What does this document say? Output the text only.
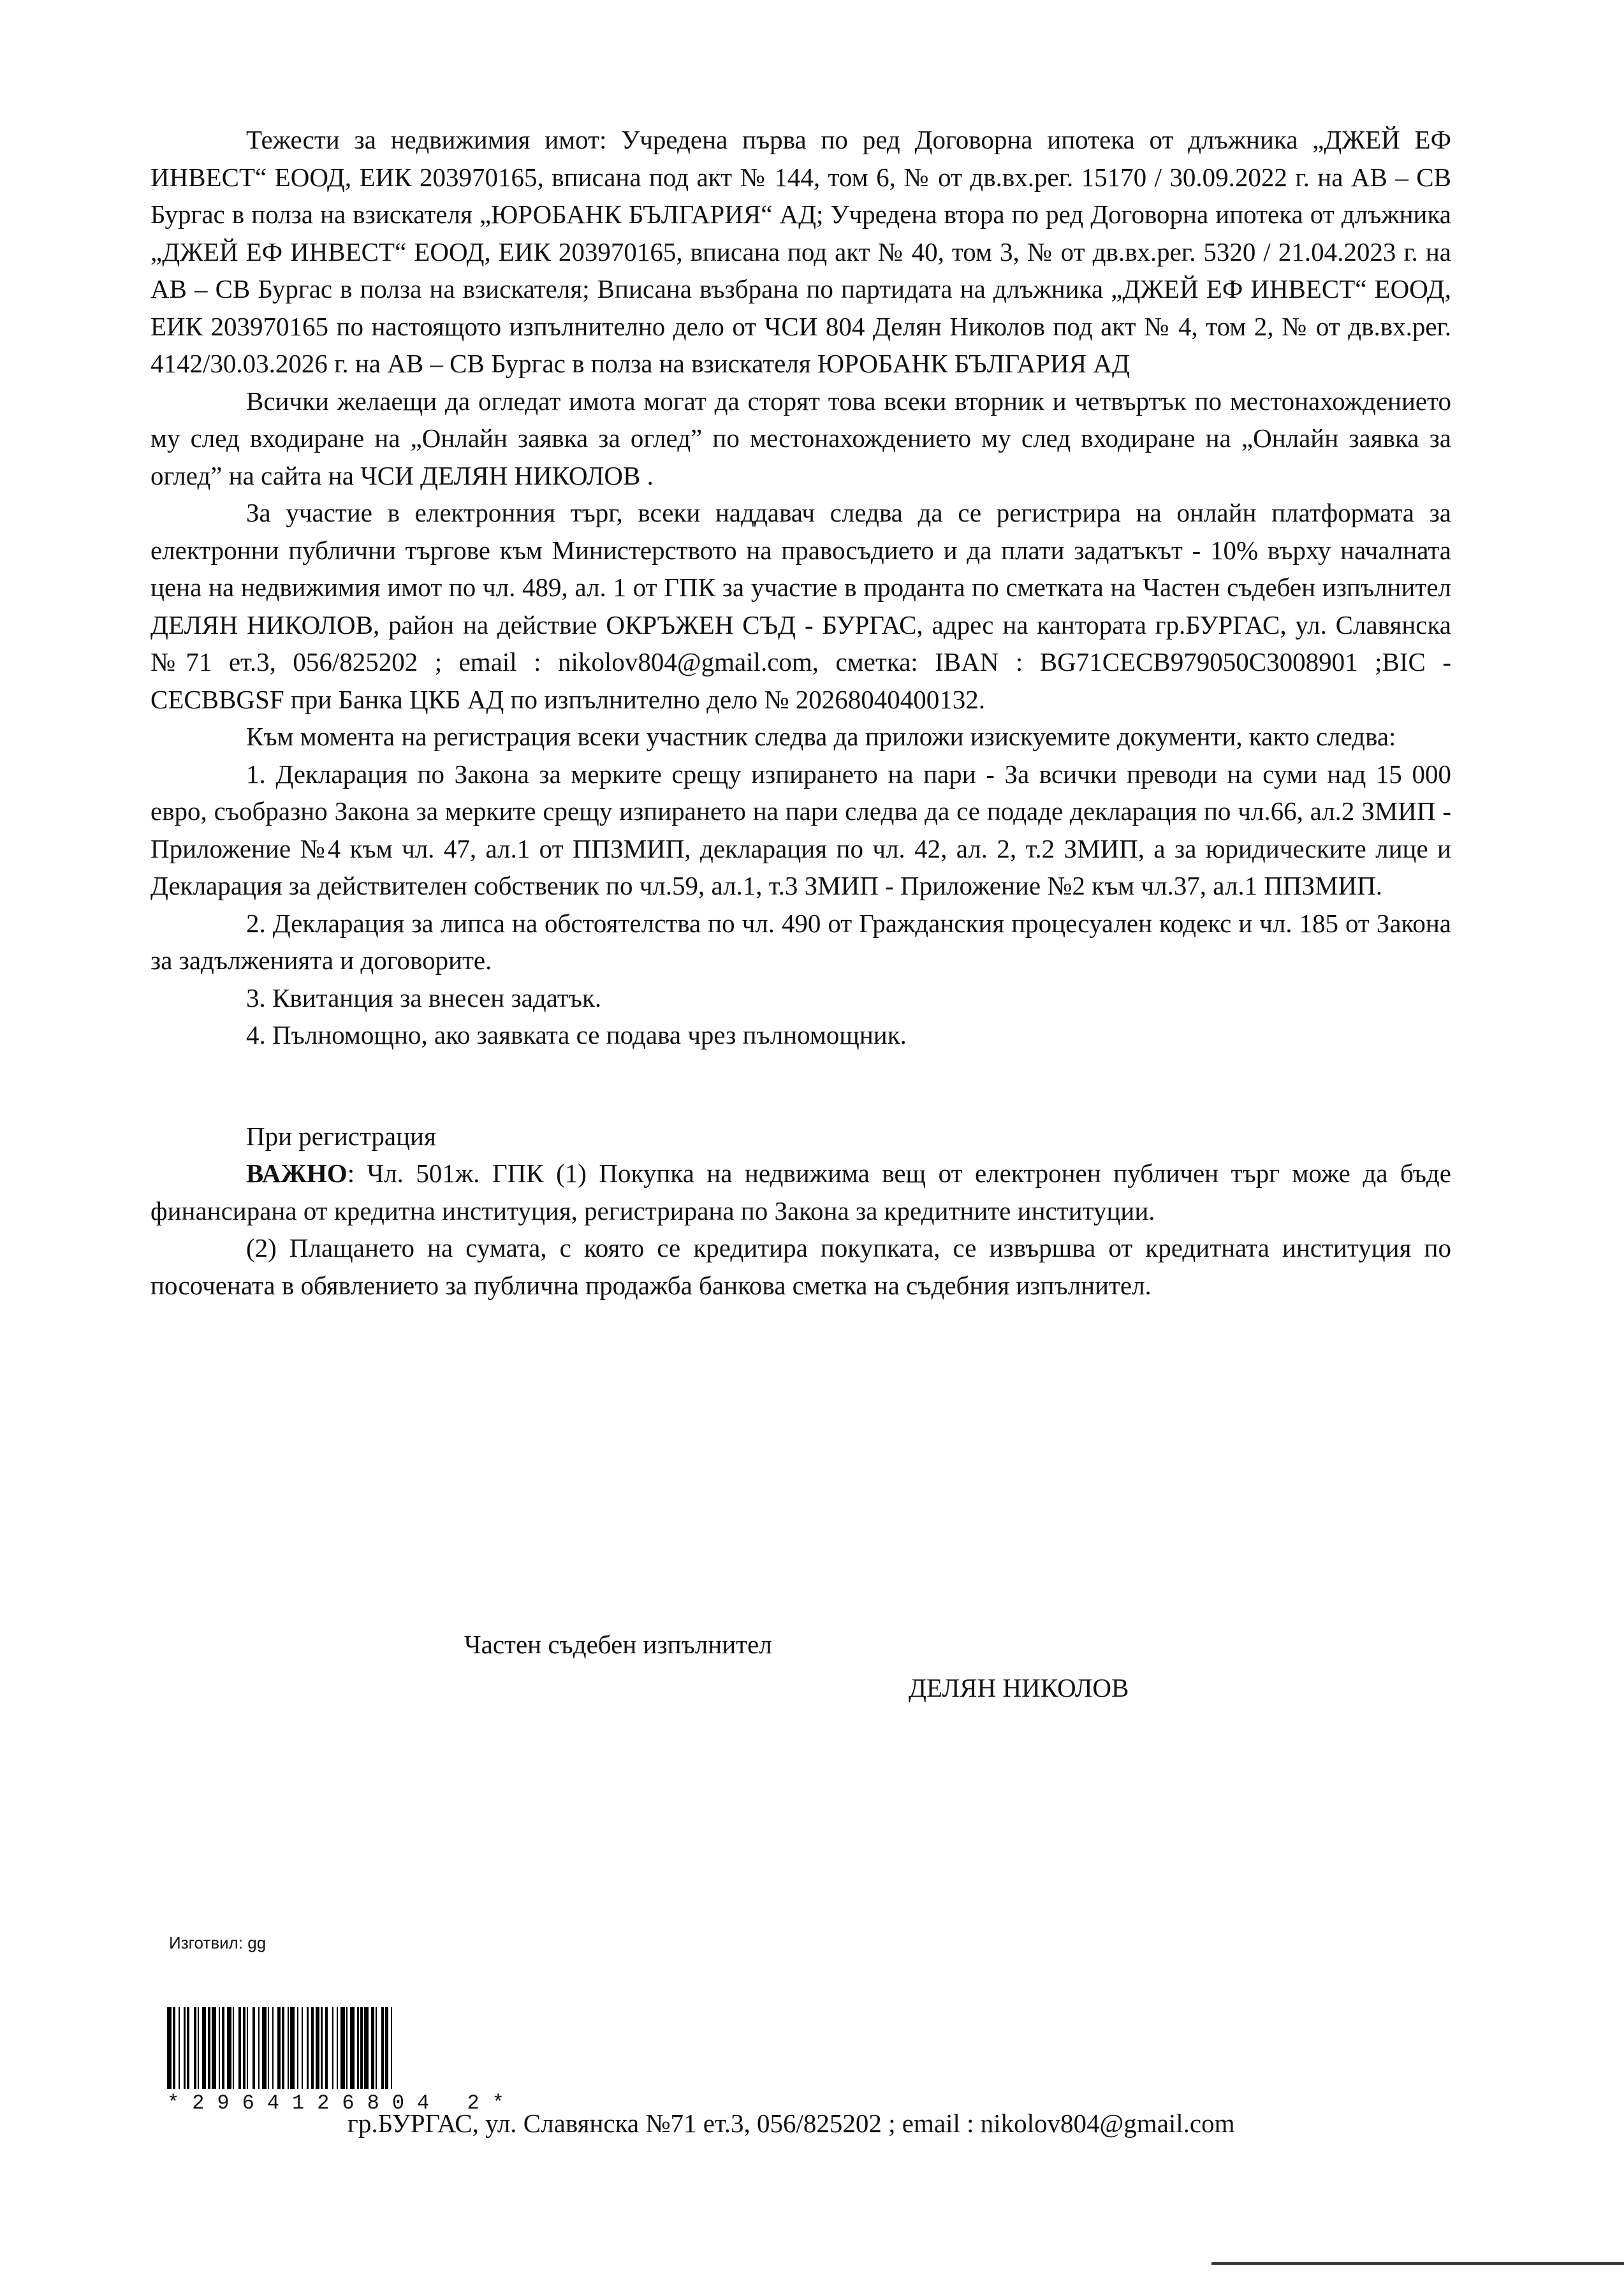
Тежести за недвижимия имот: Учредена първа по ред Договорна ипотека от длъжника „ДЖЕЙ ЕФ ИНВЕСТ“ ЕООД, ЕИК 203970165, вписана под акт № 144, том 6, № от дв.вх.рег. 15170 / 30.09.2022 г. на АВ – СВ Бургас в полза на взискателя „ЮРОБАНК БЪЛГАРИЯ“ АД; Учредена втора по ред Договорна ипотека от длъжника „ДЖЕЙ ЕФ ИНВЕСТ“ ЕООД, ЕИК 203970165, вписана под акт № 40, том 3, № от дв.вх.рег. 5320 / 21.04.2023 г. на АВ – СВ Бургас в полза на взискателя; Вписана възбрана по партидата на длъжника „ДЖЕЙ ЕФ ИНВЕСТ“ ЕООД, ЕИК 203970165 по настоящото изпълнително дело от ЧСИ 804 Делян Николов под акт № 4, том 2, № от дв.вх.рег. 4142/30.03.2026 г. на АВ – СВ Бургас в полза на взискателя ЮРОБАНК БЪЛГАРИЯ АД

Всички желаещи да огледат имота могат да сторят това всеки вторник и четвъртък по местонахождението му след входиране на „Онлайн заявка за оглед” по местонахождението му след входиране на „Онлайн заявка за оглед” на сайта на ЧСИ ДЕЛЯН НИКОЛОВ .

За участие в електронния търг, всеки наддавач следва да се регистрира на онлайн платформата за електронни публични търгове към Министерството на правосъдието и да плати задатъкът - 10% върху началната цена на недвижимия имот по чл. 489, ал. 1 от ГПК за участие в проданта по сметката на Частен съдебен изпълнител ДЕЛЯН НИКОЛОВ, район на действие ОКРЪЖЕН СЪД - БУРГАС, адрес на кантората гр.БУРГАС, ул. Славянска №71 ет.3, 056/825202 ; email : nikolov804@gmail.com, сметка: IBAN : BG71CECB979050C3008901 ;BIC - CECBBGSF при Банка ЦКБ АД по изпълнително дело № 20268040400132.

Към момента на регистрация всеки участник следва да приложи изискуемите документи, както следва:

1. Декларация по Закона за мерките срещу изпирането на пари - За всички преводи на суми над 15 000 евро, съобразно Закона за мерките срещу изпирането на пари следва да се подаде декларация по чл.66, ал.2 ЗМИП - Приложение №4 към чл. 47, ал.1 от ППЗМИП, декларация по чл. 42, ал. 2, т.2 ЗМИП, а за юридическите лице и Декларация за действителен собственик по чл.59, ал.1, т.3 ЗМИП - Приложение №2 към чл.37, ал.1 ППЗМИП.

2. Декларация за липса на обстоятелства по чл. 490 от Гражданския процесуален кодекс и чл. 185 от Закона за задълженията и договорите.

3. Квитанция за внесен задатък.

4. Пълномощно, ако заявката се подава чрез пълномощник.

При регистрация

ВАЖНО: Чл. 501ж. ГПК (1) Покупка на недвижима вещ от електронен публичен търг може да бъде финансирана от кредитна институция, регистрирана по Закона за кредитните институции.

(2) Плащането на сумата, с която се кредитира покупката, се извършва от кредитната институция по посочената в обявлението за публична продажба банкова сметка на съдебния изпълнител.

Частен съдебен изпълнител
ДЕЛЯН НИКОЛОВ
Изготвил: gg
*2964126804 2*
гр.БУРГАС, ул. Славянска №71 ет.3, 056/825202 ; email : nikolov804@gmail.com
